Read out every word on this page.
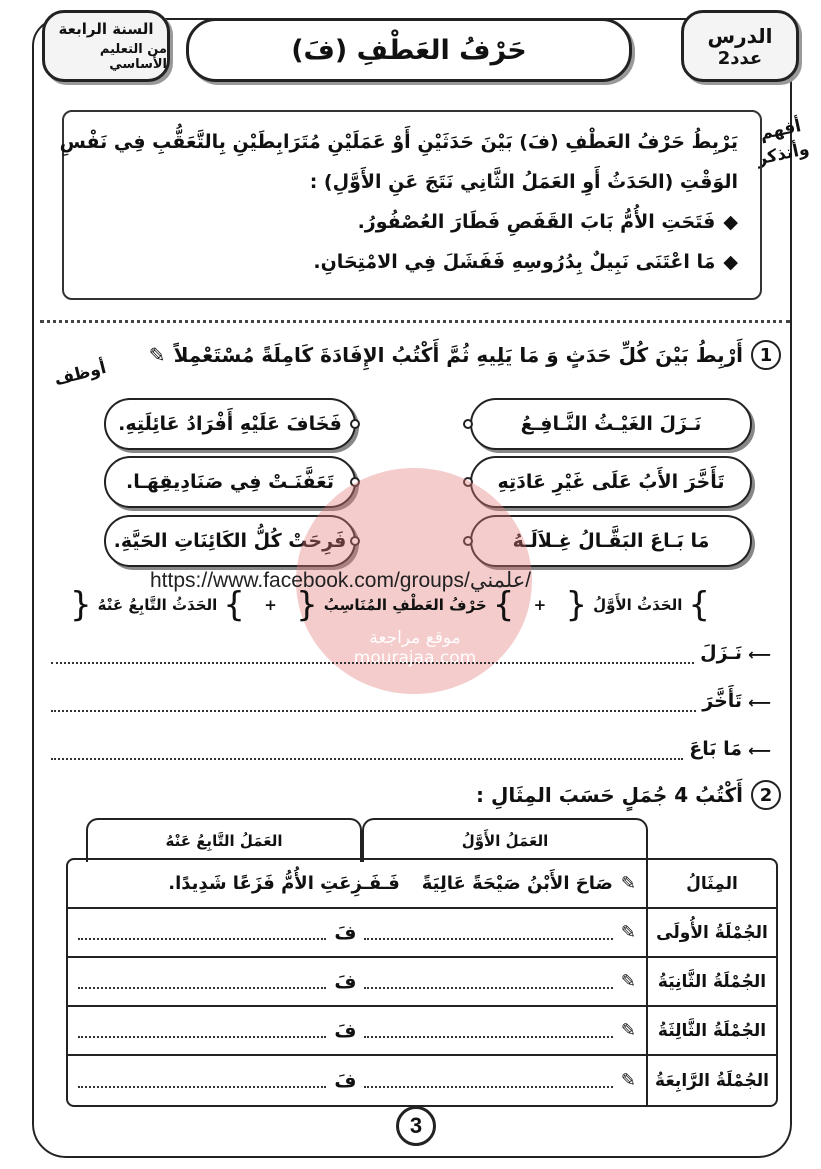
الدرس
عدد2
حَرْفُ العَطْفِ (فَ)
السنة الرابعة
من التعليم الأساسي
أفهم وأتذكر
يَرْبِطُ حَرْفُ العَطْفِ (فَ) بَيْنَ حَدَثَيْنِ أَوْ عَمَلَيْنِ مُتَرَابِطَيْنِ بِالتَّعَقُّبِ فِي نَفْسِ
الوَقْتِ (الحَدَثُ أَوِ العَمَلُ الثَّانِي نَتَجَ عَنِ الأَوَّلِ) :
◆فَتَحَتِ الأُمُّ بَابَ القَفَصِ فَطَارَ العُصْفُورُ.
◆مَا اعْتَنَى نَبِيلٌ بِدُرُوسِهِ فَفَشَلَ فِي الامْتِحَانِ.
1
أَرْبِطُ بَيْنَ كُلِّ حَدَثٍ وَ مَا يَلِيهِ ثُمَّ أَكْتُبُ الإِفَادَةَ كَامِلَةً مُسْتَعْمِلاً
✎
أوظف
نَـزَلَ الغَيْـثُ النَّـافِـعُ
تَأَخَّرَ الأَبُ عَلَى غَيْرِ عَادَتِهِ
مَا بَـاعَ البَقَّـالُ غِـلاَلَـهُ
فَخَافَ عَلَيْهِ أَفْرَادُ عَائِلَتِهِ.
تَعَفَّنَـتْ فِي صَنَادِيقِهَـا.
فَرِحَتْ كُلُّ الكَائِنَاتِ الحَيَّةِ.
موقع مراجعة
mourajaa.com
https://www.facebook.com/groups/علمني/
}
الحَدَثُ الأَوَّلُ
{
+
}
حَرْفُ العَطْفِ المُنَاسِبُ
{
+
}
الحَدَثُ التَّابِعُ عَنْهُ
{
⟵
نَـزَلَ
⟵
تَأَخَّرَ
⟵
مَا بَاعَ
2
أَكْتُبُ 4 جُمَلٍ حَسَبَ المِثَالِ :
العَمَلُ الأَوَّلُ
العَمَلُ التَّابِعُ عَنْهُ
المِثَالُ
✎
صَاحَ الأَبْنُ صَيْحَةً عَالِيَةً
فَـفَـزِعَتِ الأُمُّ فَزَعًا شَدِيدًا.
الجُمْلَةُ الأُولَى
✎
فَ
الجُمْلَةُ الثَّانِيَةُ
✎
فَ
الجُمْلَةُ الثَّالِثَةُ
✎
فَ
الجُمْلَةُ الرَّابِعَةُ
✎
فَ
3
